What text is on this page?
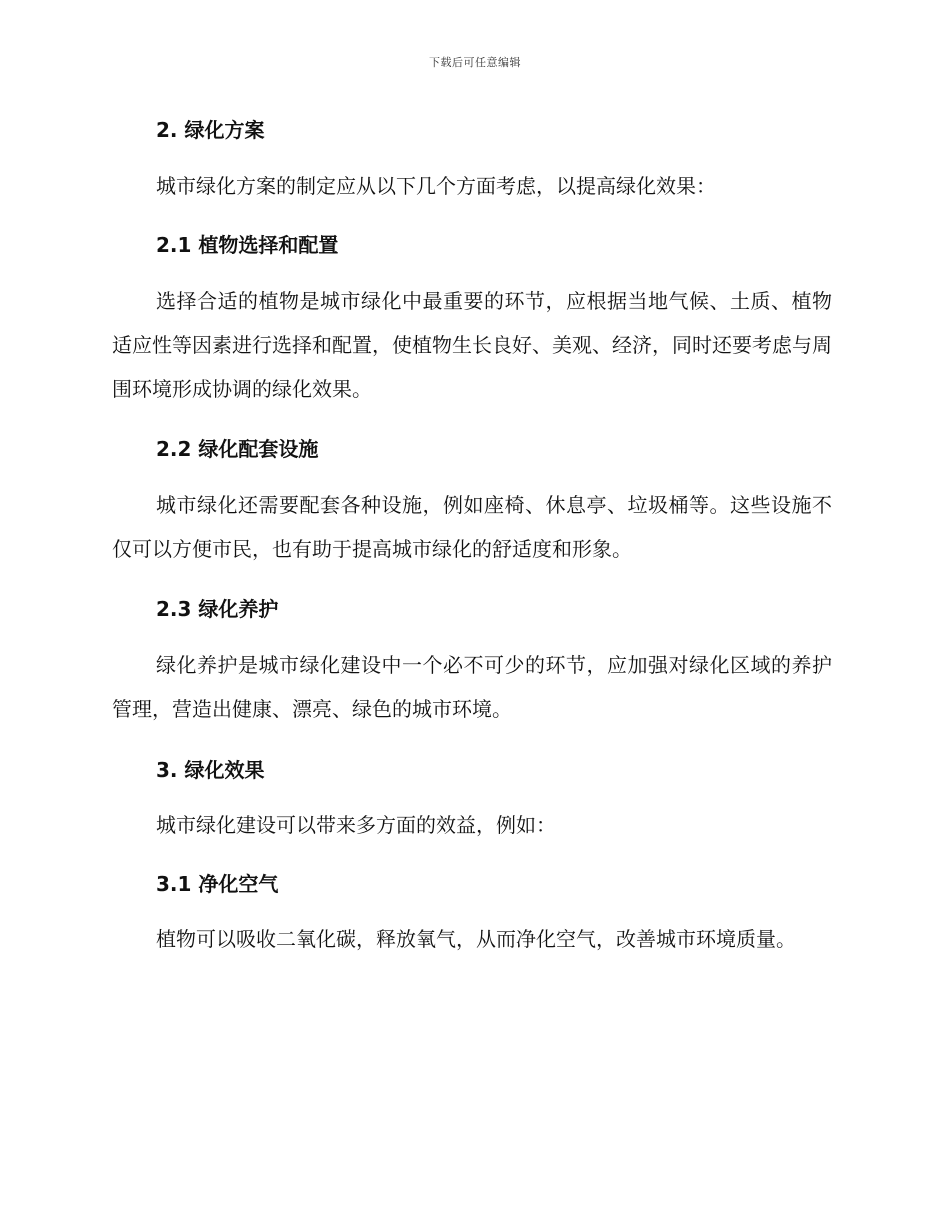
下载后可任意编辑
2. 绿化方案
城市绿化方案的制定应从以下几个方面考虑，以提高绿化效果：
2.1 植物选择和配置
选择合适的植物是城市绿化中最重要的环节，应根据当地气候、土质、植物适应性等因素进行选择和配置，使植物生长良好、美观、经济，同时还要考虑与周围环境形成协调的绿化效果。
2.2 绿化配套设施
城市绿化还需要配套各种设施，例如座椅、休息亭、垃圾桶等。这些设施不仅可以方便市民，也有助于提高城市绿化的舒适度和形象。
2.3 绿化养护
绿化养护是城市绿化建设中一个必不可少的环节，应加强对绿化区域的养护管理，营造出健康、漂亮、绿色的城市环境。
3. 绿化效果
城市绿化建设可以带来多方面的效益，例如：
3.1 净化空气
植物可以吸收二氧化碳，释放氧气，从而净化空气，改善城市环境质量。
